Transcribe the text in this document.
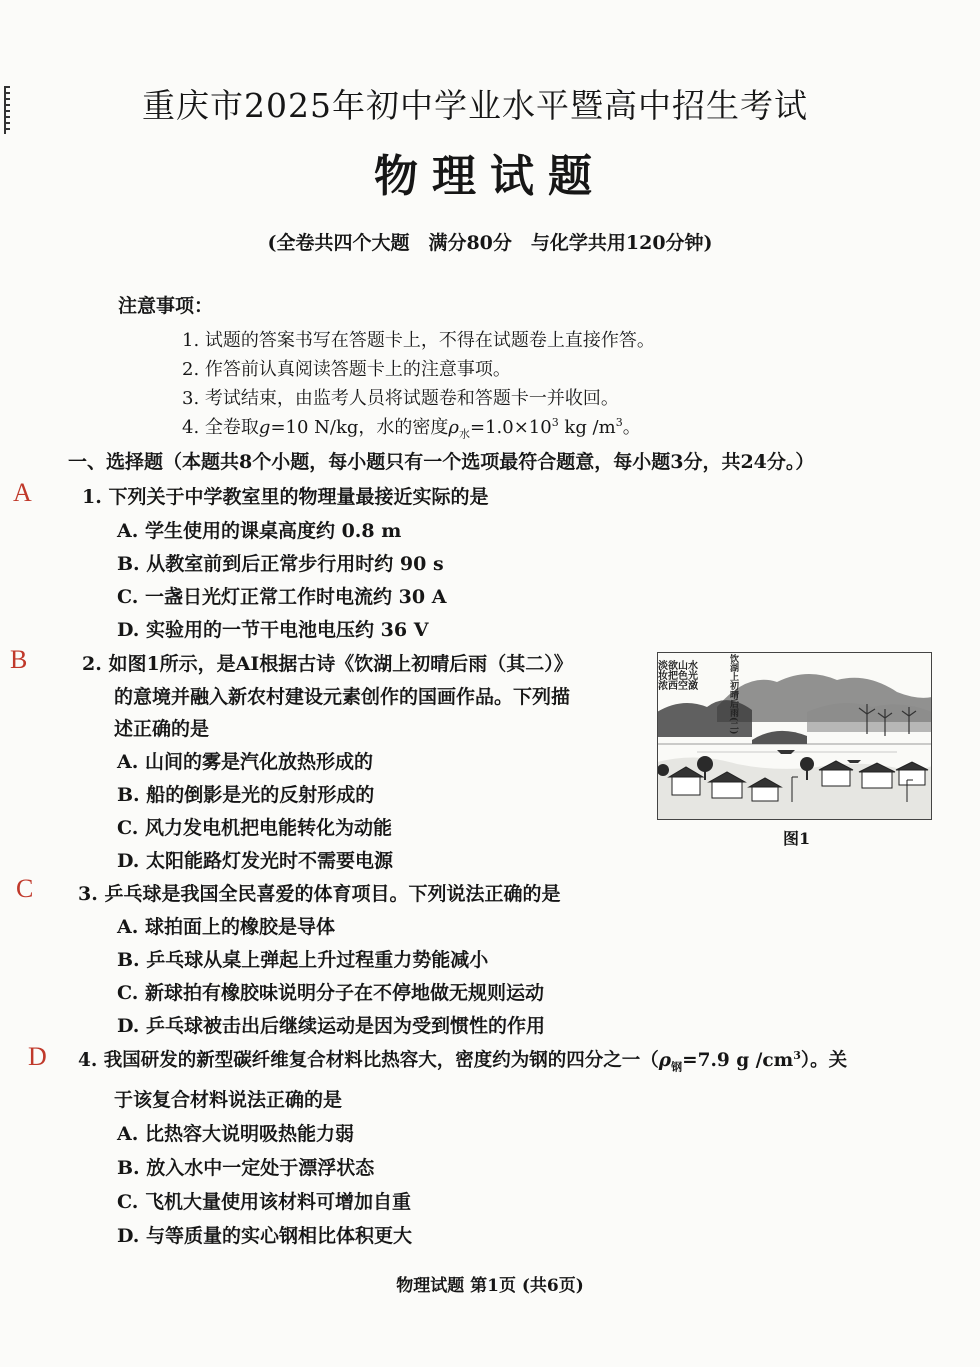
重庆市2025年初中学业水平暨高中招生考试
物理试题
(全卷共四个大题　满分80分　与化学共用120分钟)
注意事项：
1. 试题的答案书写在答题卡上，不得在试题卷上直接作答。
2. 作答前认真阅读答题卡上的注意事项。
3. 考试结束，由监考人员将试题卷和答题卡一并收回。
4. 全卷取g=10 N/kg，水的密度$\rho_水=1.0\times 10^3$ kg $/m^3$。
一、选择题（本题共8个小题，每小题只有一个选项最符合题意，每小题3分，共24分。）
A	1. 下列关于中学教室里的物理量最接近实际的是
A. 学生使用的课桌高度约 0.8 m
B. 从教室前到后正常步行用时约 90 s
C. 一盏日光灯正常工作时电流约 30 A
D. 实验用的一节干电池电压约 36 V
B	2. 如图1所示，是AI根据古诗《饮湖上初晴后雨（其二）》
的意境并融入新农村建设元素创作的国画作品。下列描
述正确的是
A. 山间的雾是汽化放热形成的
B. 船的倒影是光的反射形成的
C. 风力发电机把电能转化为动能
D. 太阳能路灯发光时不需要电源
水光潋
山色空
欲把西
淡妆浓	饮湖上初晴后雨(二)
图1
C 3. 乒乓球是我国全民喜爱的体育项目。下列说法正确的是
A. 球拍面上的橡胶是导体
B. 乒乓球从桌上弹起上升过程重力势能减小
C. 新球拍有橡胶味说明分子在不停地做无规则运动
D. 乒乓球被击出后继续运动是因为受到惯性的作用
D 4. 我国研发的新型碳纤维复合材料比热容大，密度约为钢的四分之一（$\rho_钢=7.9$ g $/cm^3$）。关
于该复合材料说法正确的是
A. 比热容大说明吸热能力弱
B. 放入水中一定处于漂浮状态
C. 飞机大量使用该材料可增加自重
D. 与等质量的实心钢相比体积更大
物理试题 第1页 (共6页)
